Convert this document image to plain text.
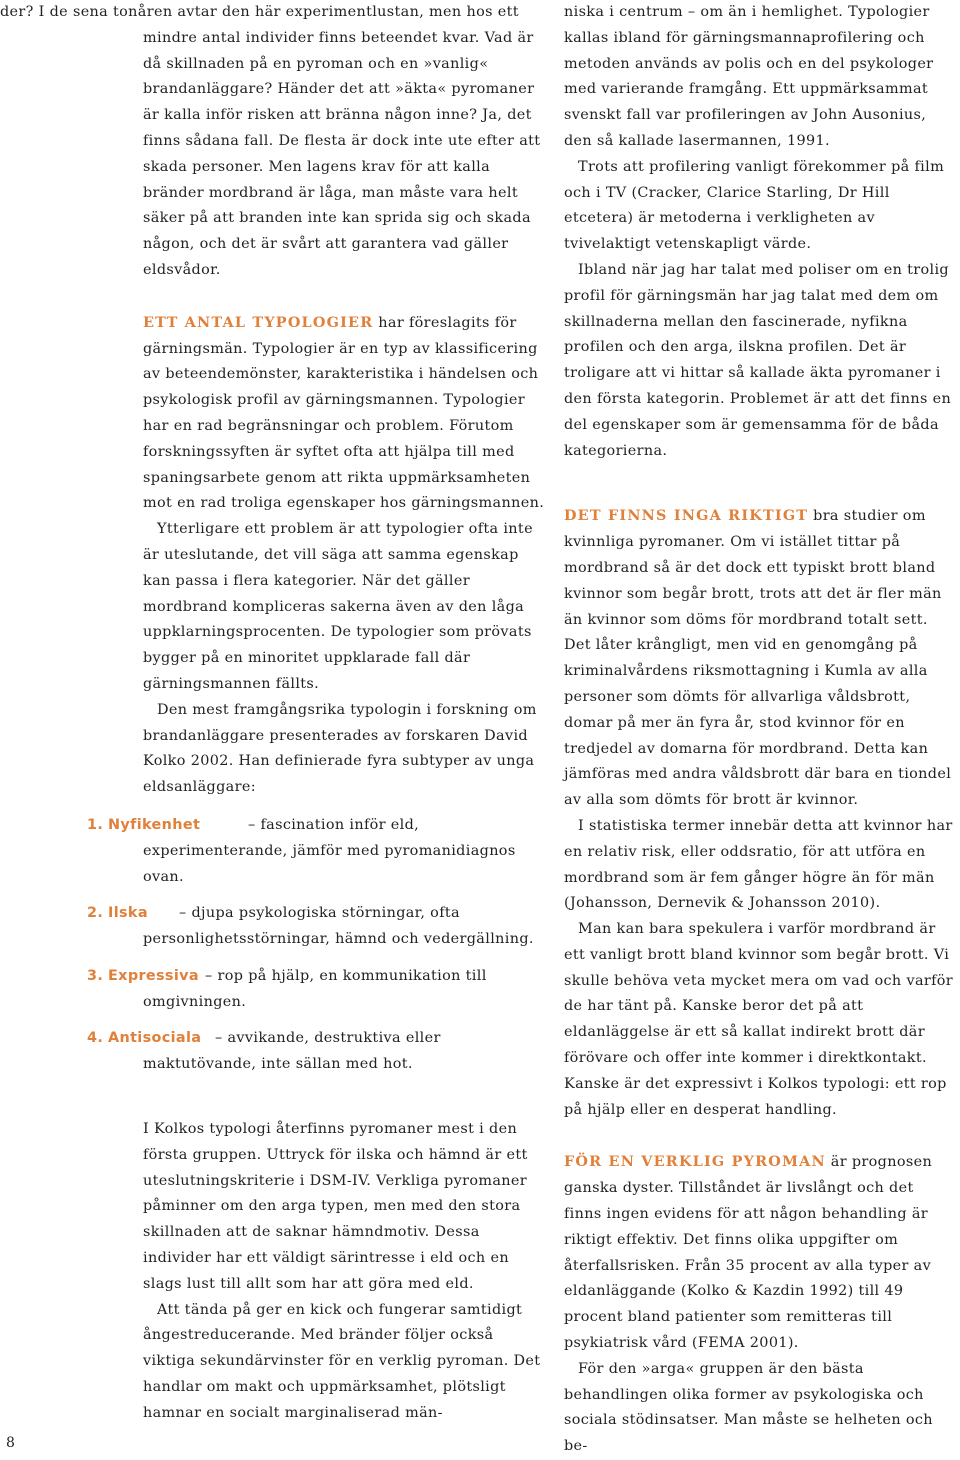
der? I de sena tonåren avtar den här experimentlustan, men hos ett

mindre antal individer finns beteendet kvar. Vad är då skillnaden på en pyroman och en »vanlig« brandanläggare? Händer det att »äkta« pyromaner är kalla inför risken att bränna någon inne? Ja, det finns sådana fall. De flesta är dock inte ute efter att skada personer. Men lagens krav för att kalla bränder mordbrand är låga, man måste vara helt säker på att branden inte kan sprida sig och skada någon, och det är svårt att garantera vad gäller eldsvådor.

ETT ANTAL TYPOLOGIER har föreslagits för gärningsmän. Typologier är en typ av klassificering av beteendemönster, karakteristika i händelsen och psykologisk profil av gärningsmannen. Typologier har en rad begränsningar och problem. Förutom forskningssyften är syftet ofta att hjälpa till med spaningsarbete genom att rikta uppmärksamheten mot en rad troliga egenskaper hos gärningsmannen.

Ytterligare ett problem är att typologier ofta inte är uteslutande, det vill säga att samma egenskap kan passa i flera kategorier. När det gäller mordbrand kompliceras sakerna även av den låga uppklarningsprocenten. De typologier som prövats bygger på en minoritet uppklarade fall där gärningsmannen fällts.

Den mest framgångsrika typologin i forskning om brandanläggare presenterades av forskaren David Kolko 2002. Han definierade fyra subtyper av unga eldsanläggare:

1. Nyfikenhet	– fascination inför eld, experimenterande, jämför med pyromanidiagnos ovan.
2. Ilska	– djupa psykologiska störningar, ofta personlighetsstörningar, hämnd och vedergällning.
3. Expressiva – rop på hjälp, en kommunikation till omgivningen.
4. Antisociala – avvikande, destruktiva eller maktutövande, inte sällan med hot.

I Kolkos typologi återfinns pyromaner mest i den första gruppen. Uttryck för ilska och hämnd är ett uteslutningskriterie i DSM-IV. Verkliga pyromaner påminner om den arga typen, men med den stora skillnaden att de saknar hämndmotiv. Dessa individer har ett väldigt särintresse i eld och en slags lust till allt som har att göra med eld.

Att tända på ger en kick och fungerar samtidigt ångestreducerande. Med bränder följer också viktiga sekundärvinster för en verklig pyroman. Det handlar om makt och uppmärksamhet, plötsligt hamnar en socialt marginaliserad män-

niska i centrum – om än i hemlighet. Typologier kallas ibland för gärningsmannaprofilering och metoden används av polis och en del psykologer med varierande framgång. Ett uppmärksammat svenskt fall var profileringen av John Ausonius, den så kallade lasermannen, 1991.

Trots att profilering vanligt förekommer på film och i TV (Cracker, Clarice Starling, Dr Hill etcetera) är metoderna i verkligheten av tvivelaktigt vetenskapligt värde.

Ibland när jag har talat med poliser om en trolig profil för gärningsmän har jag talat med dem om skillnaderna mellan den fascinerade, nyfikna profilen och den arga, ilskna profilen. Det är troligare att vi hittar så kallade äkta pyromaner i den första kategorin. Problemet är att det finns en del egenskaper som är gemensamma för de båda kategorierna.

DET FINNS INGA RIKTIGT bra studier om kvinnliga pyromaner. Om vi istället tittar på mordbrand så är det dock ett typiskt brott bland kvinnor som begår brott, trots att det är fler män än kvinnor som döms för mordbrand totalt sett. Det låter krångligt, men vid en genomgång på kriminalvårdens riksmottagning i Kumla av alla personer som dömts för allvarliga våldsbrott, domar på mer än fyra år, stod kvinnor för en tredjedel av domarna för mordbrand. Detta kan jämföras med andra våldsbrott där bara en tiondel av alla som dömts för brott är kvinnor.

I statistiska termer innebär detta att kvinnor har en relativ risk, eller oddsratio, för att utföra en mordbrand som är fem gånger högre än för män (Johansson, Dernevik & Johansson 2010).

Man kan bara spekulera i varför mordbrand är ett vanligt brott bland kvinnor som begår brott. Vi skulle behöva veta mycket mera om vad och varför de har tänt på. Kanske beror det på att eldanläggelse är ett så kallat indirekt brott där förövare och offer inte kommer i direktkontakt. Kanske är det expressivt i Kolkos typologi: ett rop på hjälp eller en desperat handling.

FÖR EN VERKLIG PYROMAN är prognosen ganska dyster. Tillståndet är livslångt och det finns ingen evidens för att någon behandling är riktigt effektiv. Det finns olika uppgifter om återfallsrisken. Från 35 procent av alla typer av eldanläggande (Kolko & Kazdin 1992) till 49 procent bland patienter som remitteras till psykiatrisk vård (FEMA 2001).

För den »arga« gruppen är den bästa behandlingen olika former av psykologiska och sociala stödinsatser. Man måste se helheten och be-

8
